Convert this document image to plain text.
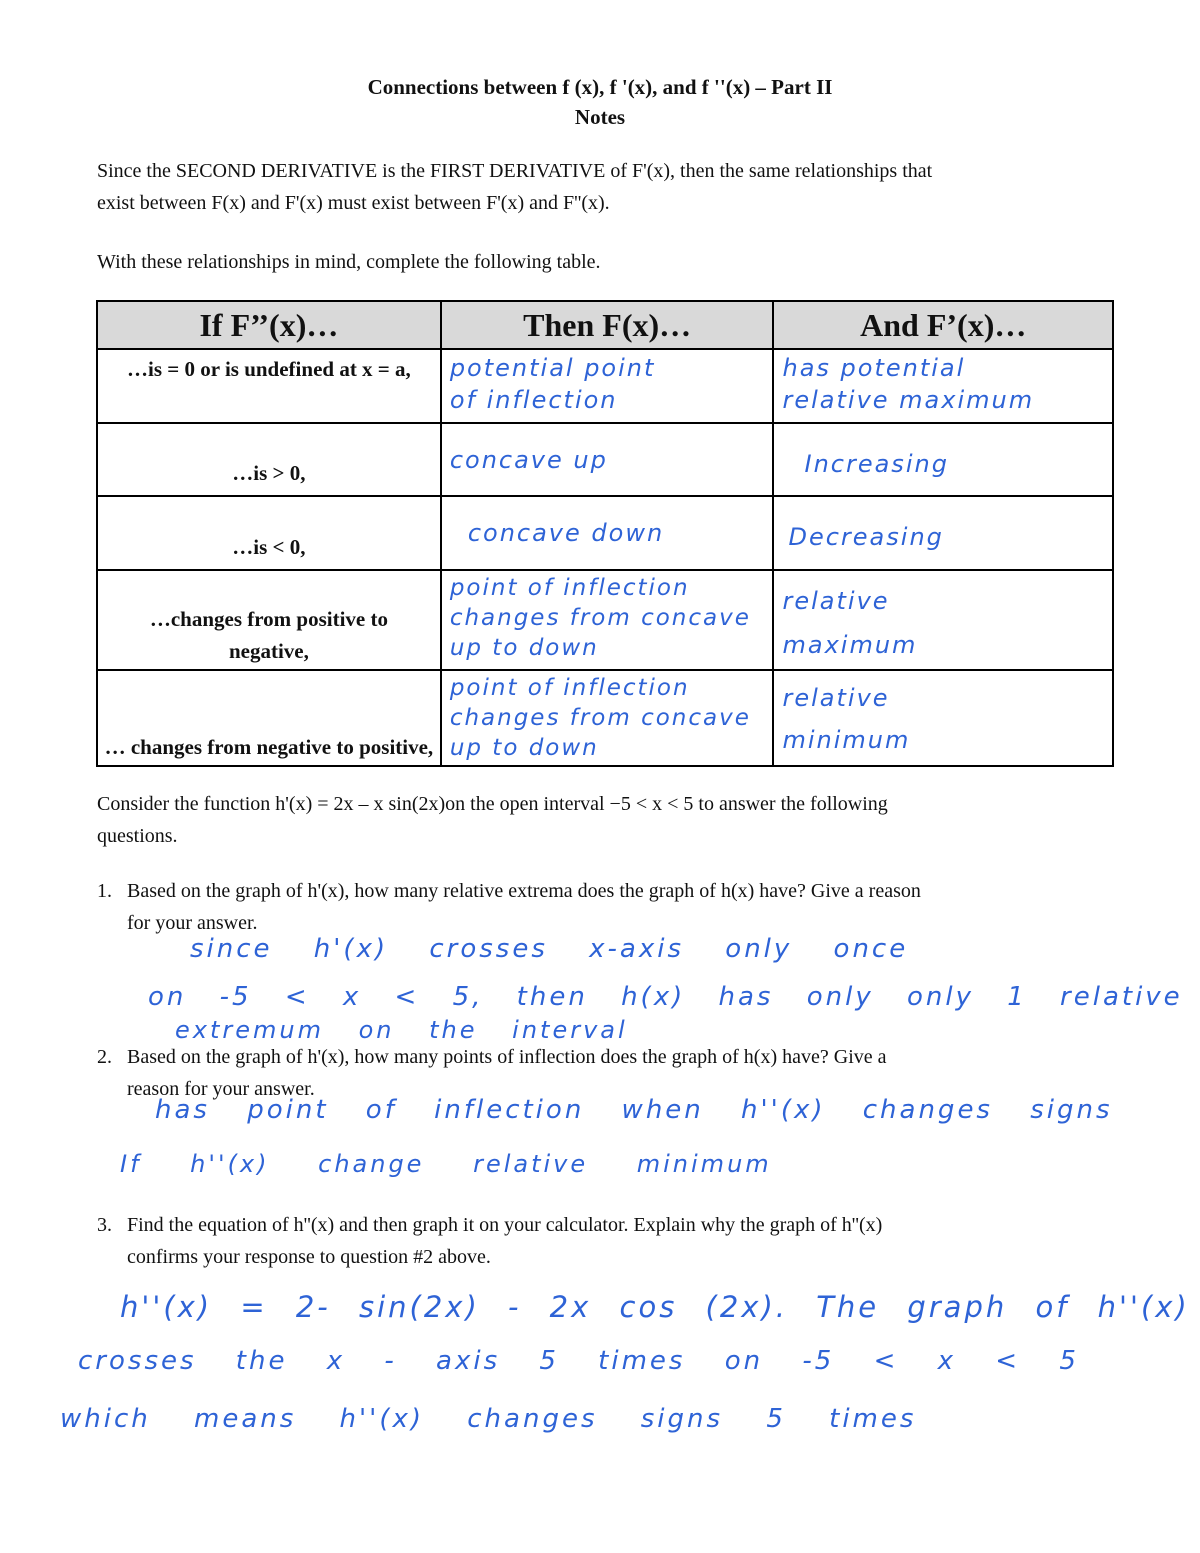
Connections between f (x), f '(x), and f ''(x) – Part II
Notes
Since the SECOND DERIVATIVE is the FIRST DERIVATIVE of F'(x), then the same relationships that
exist between F(x) and F'(x) must exist between F'(x) and F''(x).
With these relationships in mind, complete the following table.
If F’’(x)…	Then F(x)…	And F’(x)…

…is = 0 or is undefined at x = a,	potential point of inflection	has potential relative maximum

…is > 0,	concave up	Increasing

…is < 0,	concave down	Decreasing

…changes from positive to negative,	point of inflection changes from concave up to down	relative maximum

… changes from negative to positive,	point of inflection changes from concave up to down	relative minimum
Consider the function h'(x) = 2x – x sin(2x)on the open interval −5 < x < 5 to answer the following
questions.
1. Based on the graph of h'(x), how many relative extrema does the graph of h(x) have? Give a reason
for your answer.
since h'(x) crosses x-axis only once
on -5 < x < 5, then h(x) has only only 1 relative
extremum on the interval
2. Based on the graph of h'(x), how many points of inflection does the graph of h(x) have? Give a
reason for your answer.
has point of inflection when h''(x) changes signs
If h''(x) change relative minimum
3. Find the equation of h''(x) and then graph it on your calculator. Explain why the graph of h''(x)
confirms your response to question #2 above.
h''(x) = 2- sin(2x) - 2x cos (2x). The graph of h''(x)
crosses the x - axis 5 times on -5 < x < 5
which means h''(x) changes signs 5 times
